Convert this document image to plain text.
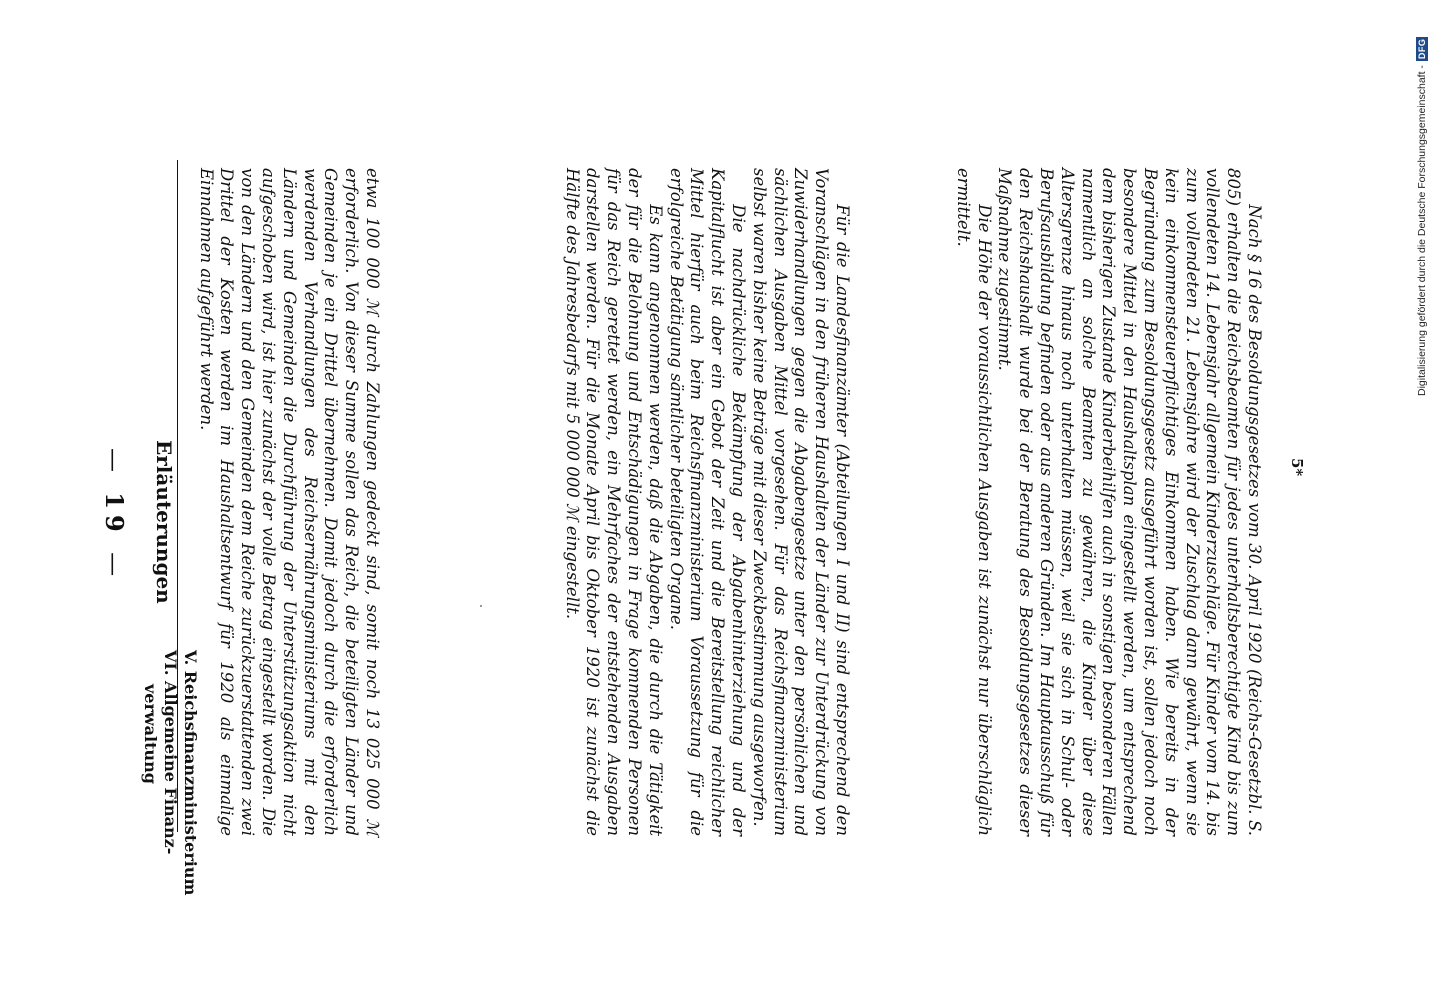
Erläuterungen
— 19 —
V. Reichsfinanzministerium
VI. Allgemeine Finanz-
verwaltung	etwa 100 000 ℳ durch Zahlungen gedeckt sind, somit noch 13 025 000 ℳ erforderlich. Von dieser Summe sollen das Reich, die beteiligten Länder und Gemeinden je ein Drittel übernehmen. Damit jedoch durch die erforderlich werdenden Verhandlungen des Reichsernährungsministeriums mit den Ländern und Gemeinden die Durchführung der Unterstützungsaktion nicht aufgeschoben wird, ist hier zunächst der volle Betrag eingestellt worden. Die von den Ländern und den Gemeinden dem Reiche zurückzuerstattenden zwei Drittel der Kosten werden im Haushaltsentwurf für 1920 als einmalige Einnahmen aufgeführt werden.	Für die Landesfinanzämter (Abteilungen I und II) sind entsprechend den Voranschlägen in den früheren Haushalten der Länder zur Unterdrückung von Zuwiderhandlungen gegen die Abgabengesetze unter den persönlichen und sächlichen Ausgaben Mittel vorgesehen. Für das Reichsfinanzministerium selbst waren bisher keine Beträge mit dieser Zweckbestimmung ausgeworfen.

Die nachdrückliche Bekämpfung der Abgabenhinterziehung und der Kapitalflucht ist aber ein Gebot der Zeit und die Bereitstellung reichlicher Mittel hierfür auch beim Reichsfinanzministerium Voraussetzung für die erfolgreiche Betätigung sämtlicher beteiligten Organe.

Es kann angenommen werden, daß die Abgaben, die durch die Tätigkeit der für die Belohnung und Entschädigungen in Frage kommenden Personen für das Reich gerettet werden, ein Mehrfaches der entstehenden Ausgaben darstellen werden. Für die Monate April bis Oktober 1920 ist zunächst die Hälfte des Jahresbedarfs mit 5 000 000 ℳ eingestellt.	Nach § 16 des Besoldungsgesetzes vom 30. April 1920 (Reichs-Gesetzbl. S. 805) erhalten die Reichsbeamten für jedes unterhaltsberechtigte Kind bis zum vollendeten 14. Lebensjahr allgemein Kinderzuschläge. Für Kinder vom 14. bis zum vollendeten 21. Lebensjahre wird der Zuschlag dann gewährt, wenn sie kein einkommensteuerpflichtiges Einkommen haben. Wie bereits in der Begründung zum Besoldungsgesetz ausgeführt worden ist, sollen jedoch noch besondere Mittel in den Haushaltsplan eingestellt werden, um entsprechend dem bisherigen Zustande Kinderbeihilfen auch in sonstigen besonderen Fällen namentlich an solche Beamten zu gewähren, die Kinder über diese Altersgrenze hinaus noch unterhalten müssen, weil sie sich in Schul- oder Berufsausbildung befinden oder aus anderen Gründen. Im Hauptausschuß für den Reichshaushalt wurde bei der Beratung des Besoldungsgesetzes dieser Maßnahme zugestimmt.

Die Höhe der voraussichtlichen Ausgaben ist zunächst nur überschläglich ermittelt.

5*
Digitalisierung gefördert durch die Deutsche Forschungsgemeinschaft -
DFG
